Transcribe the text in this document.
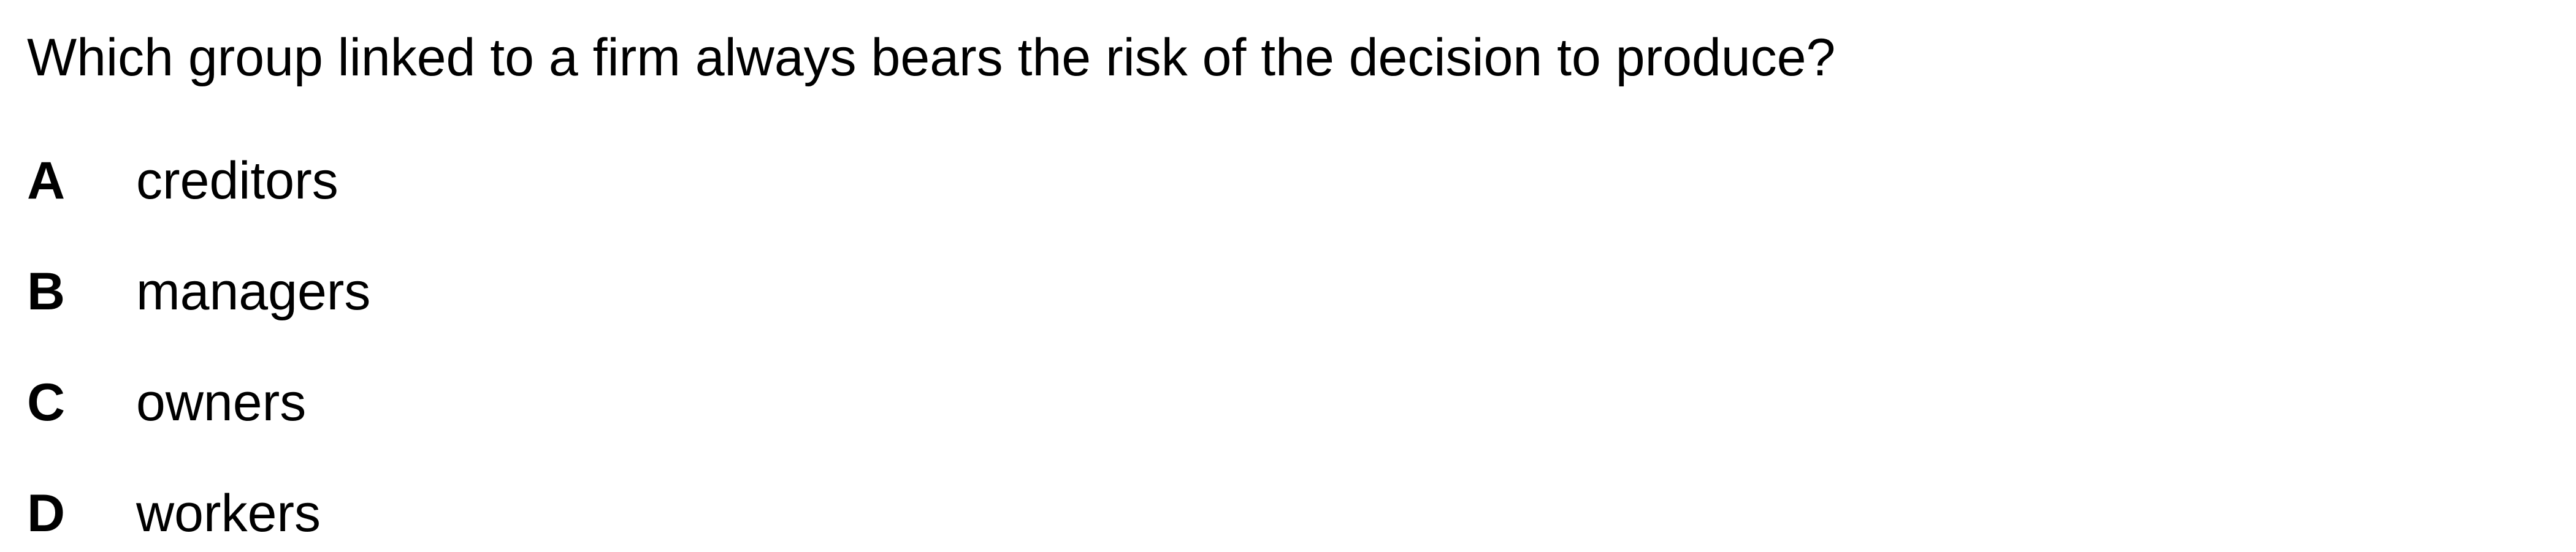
Which group linked to a firm always bears the risk of the decision to produce?

A creditors
B managers
C owners
D workers
